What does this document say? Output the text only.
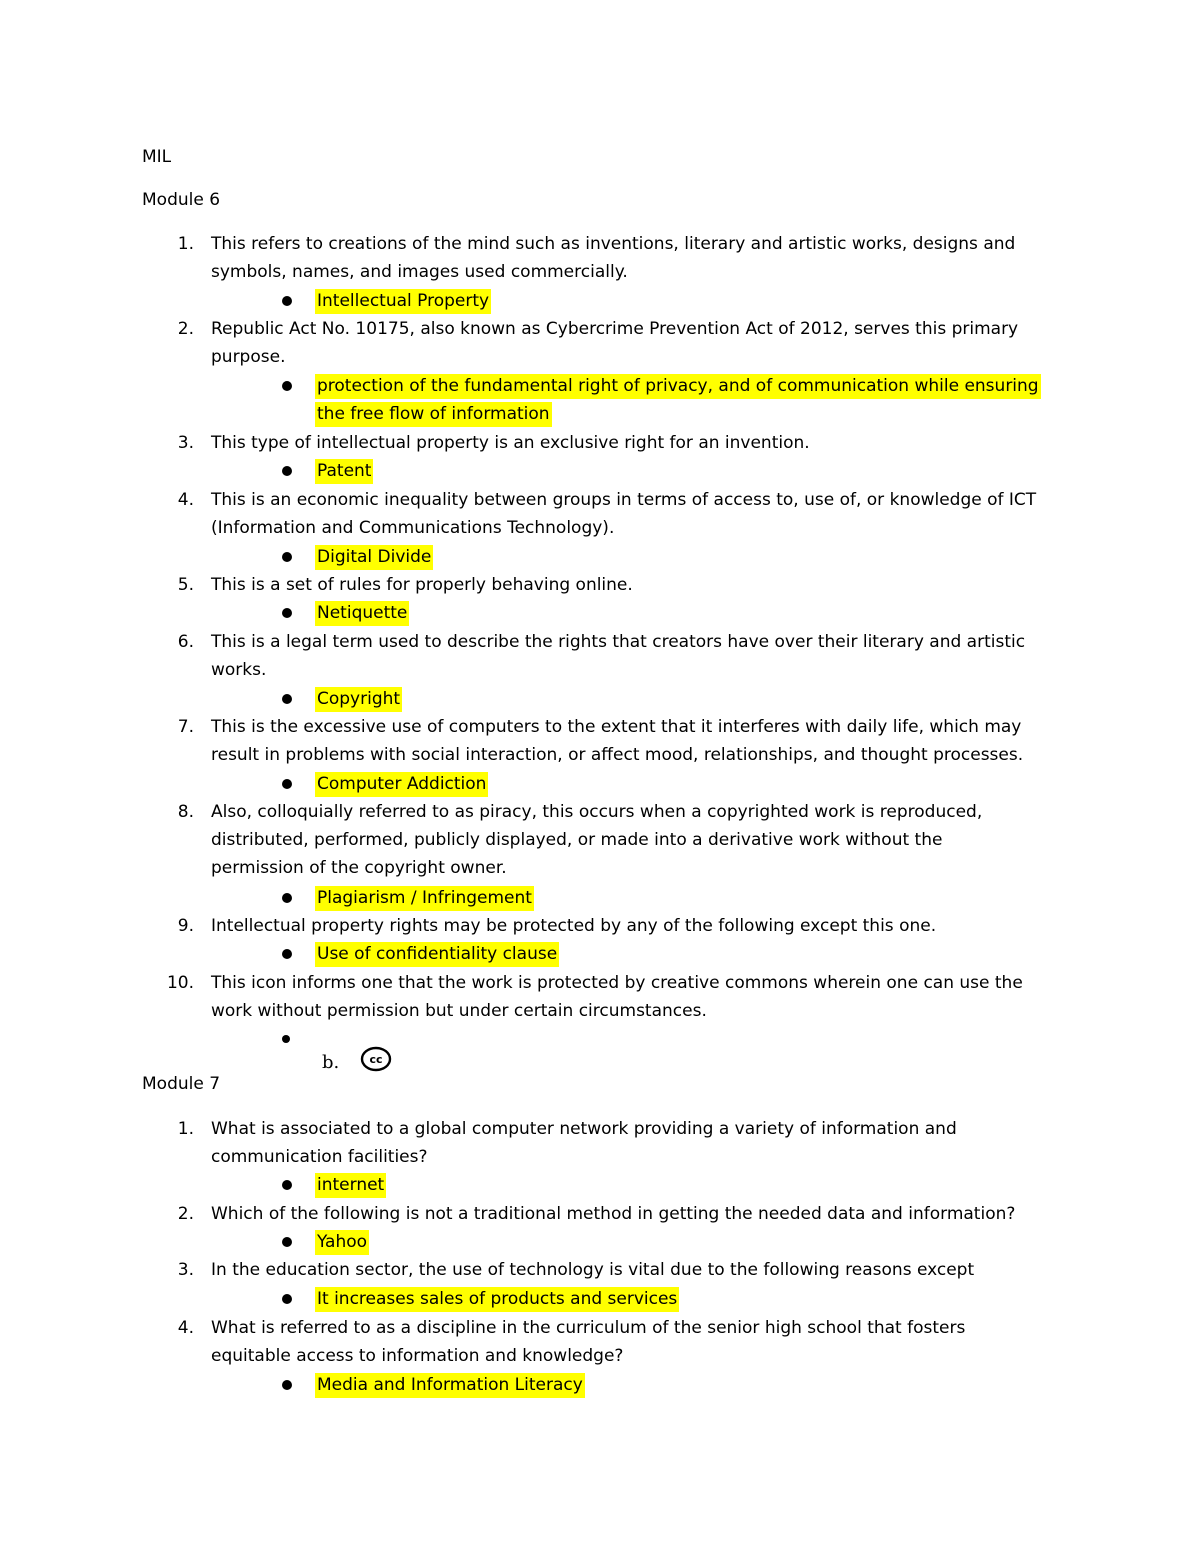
MIL
Module 6
1. This refers to creations of the mind such as inventions, literary and artistic works, designs and
symbols, names, and images used commercially.
Intellectual Property
2. Republic Act No. 10175, also known as Cybercrime Prevention Act of 2012, serves this primary
purpose.
protection of the fundamental right of privacy, and of communication while ensuring
the free flow of information
3. This type of intellectual property is an exclusive right for an invention.
Patent
4. This is an economic inequality between groups in terms of access to, use of, or knowledge of ICT
(Information and Communications Technology).
Digital Divide
5. This is a set of rules for properly behaving online.
Netiquette
6. This is a legal term used to describe the rights that creators have over their literary and artistic
works.
Copyright
7. This is the excessive use of computers to the extent that it interferes with daily life, which may
result in problems with social interaction, or affect mood, relationships, and thought processes.
Computer Addiction
8. Also, colloquially referred to as piracy, this occurs when a copyrighted work is reproduced,
distributed, performed, publicly displayed, or made into a derivative work without the
permission of the copyright owner.
Plagiarism / Infringement
9. Intellectual property rights may be protected by any of the following except this one.
Use of confidentiality clause
10. This icon informs one that the work is protected by creative commons wherein one can use the
work without permission but under certain circumstances.
b.	cc
Module 7
1. What is associated to a global computer network providing a variety of information and
communication facilities?
internet
2. Which of the following is not a traditional method in getting the needed data and information?
Yahoo
3. In the education sector, the use of technology is vital due to the following reasons except
It increases sales of products and services
4. What is referred to as a discipline in the curriculum of the senior high school that fosters
equitable access to information and knowledge?
Media and Information Literacy
